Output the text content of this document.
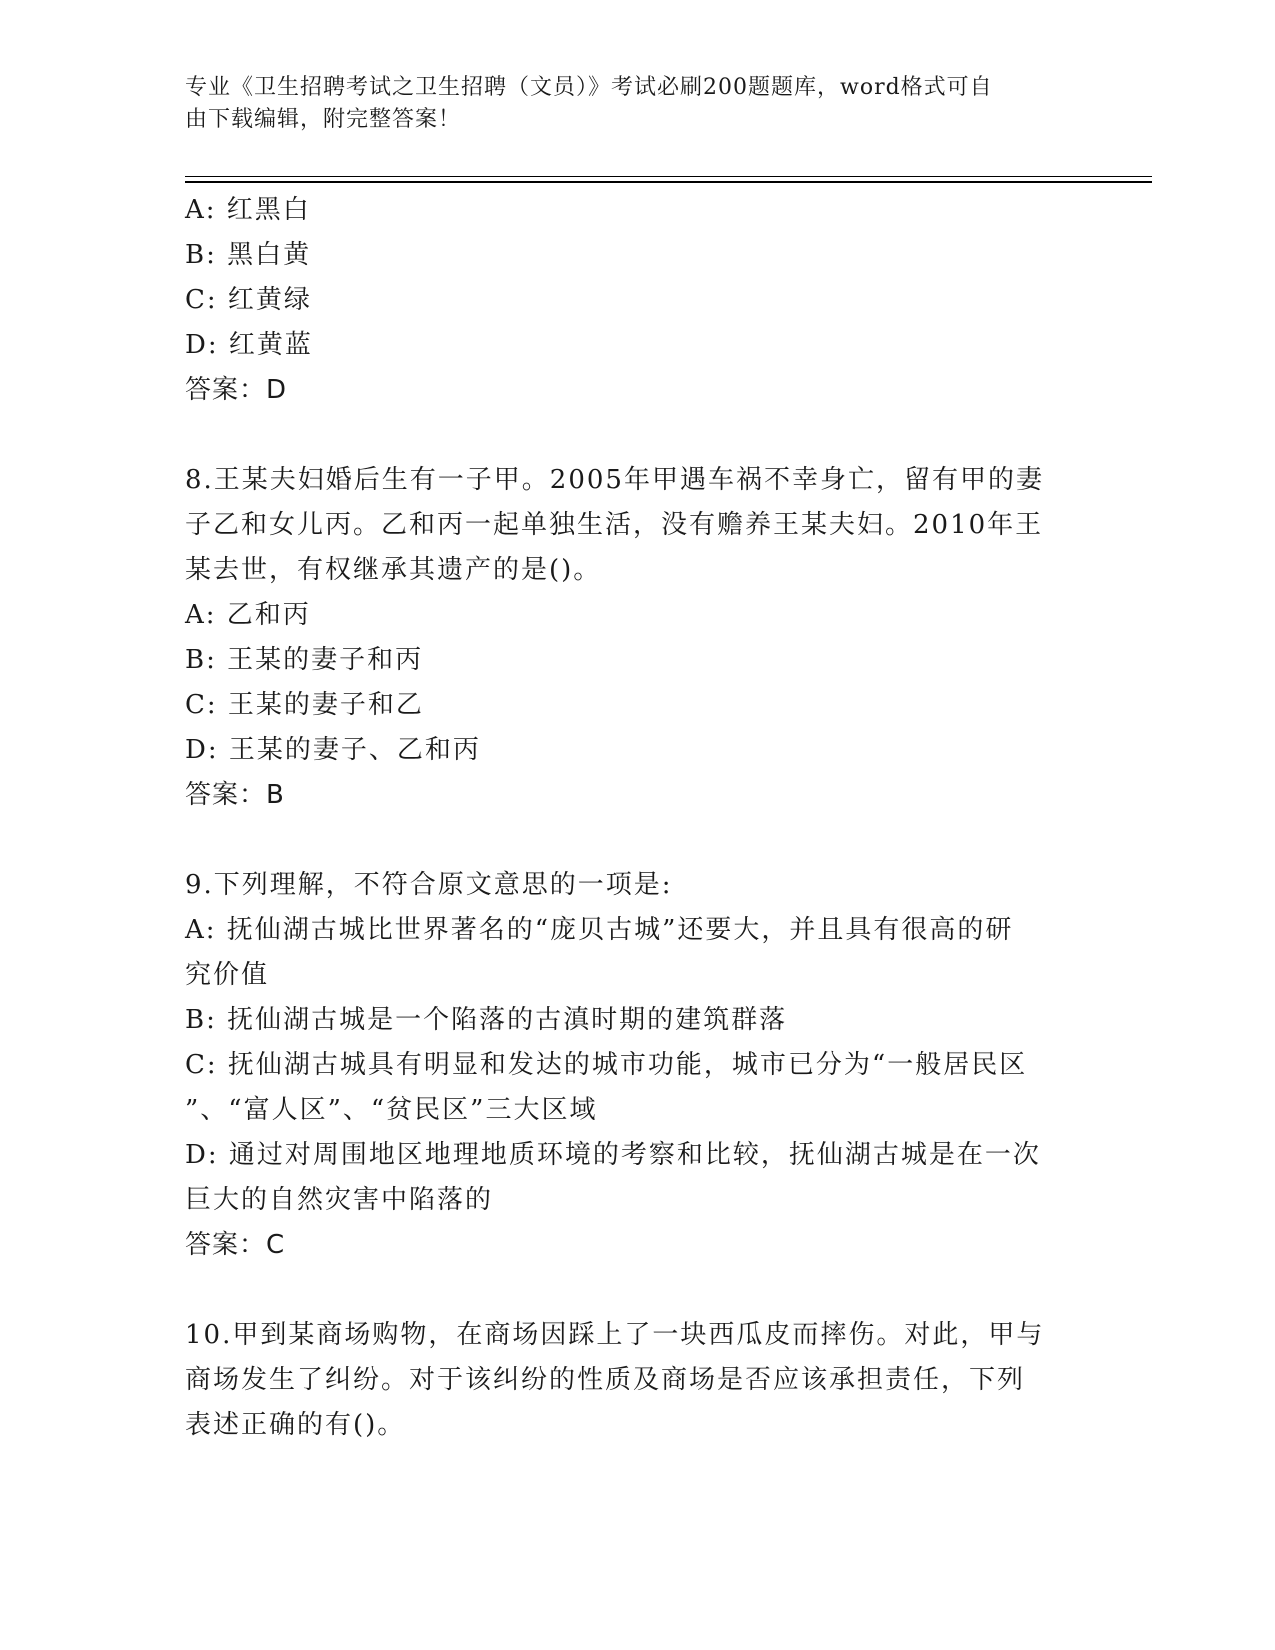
专业《卫生招聘考试之卫生招聘（文员）》考试必刷200题题库，word格式可自
由下载编辑，附完整答案！
A: 红黑白
B: 黑白黄
C: 红黄绿
D: 红黄蓝
答案：D
8.王某夫妇婚后生有一子甲。2005年甲遇车祸不幸身亡，留有甲的妻
子乙和女儿丙。乙和丙一起单独生活，没有赡养王某夫妇。2010年王
某去世，有权继承其遗产的是()。
A: 乙和丙
B: 王某的妻子和丙
C: 王某的妻子和乙
D: 王某的妻子、乙和丙
答案：B
9.下列理解，不符合原文意思的一项是:
A: 抚仙湖古城比世界著名的“庞贝古城”还要大，并且具有很高的研
究价值
B: 抚仙湖古城是一个陷落的古滇时期的建筑群落
C: 抚仙湖古城具有明显和发达的城市功能，城市已分为“一般居民区
”、“富人区”、“贫民区”三大区域
D: 通过对周围地区地理地质环境的考察和比较，抚仙湖古城是在一次
巨大的自然灾害中陷落的
答案：C
10.甲到某商场购物，在商场因踩上了一块西瓜皮而摔伤。对此，甲与
商场发生了纠纷。对于该纠纷的性质及商场是否应该承担责任，下列
表述正确的有()。
